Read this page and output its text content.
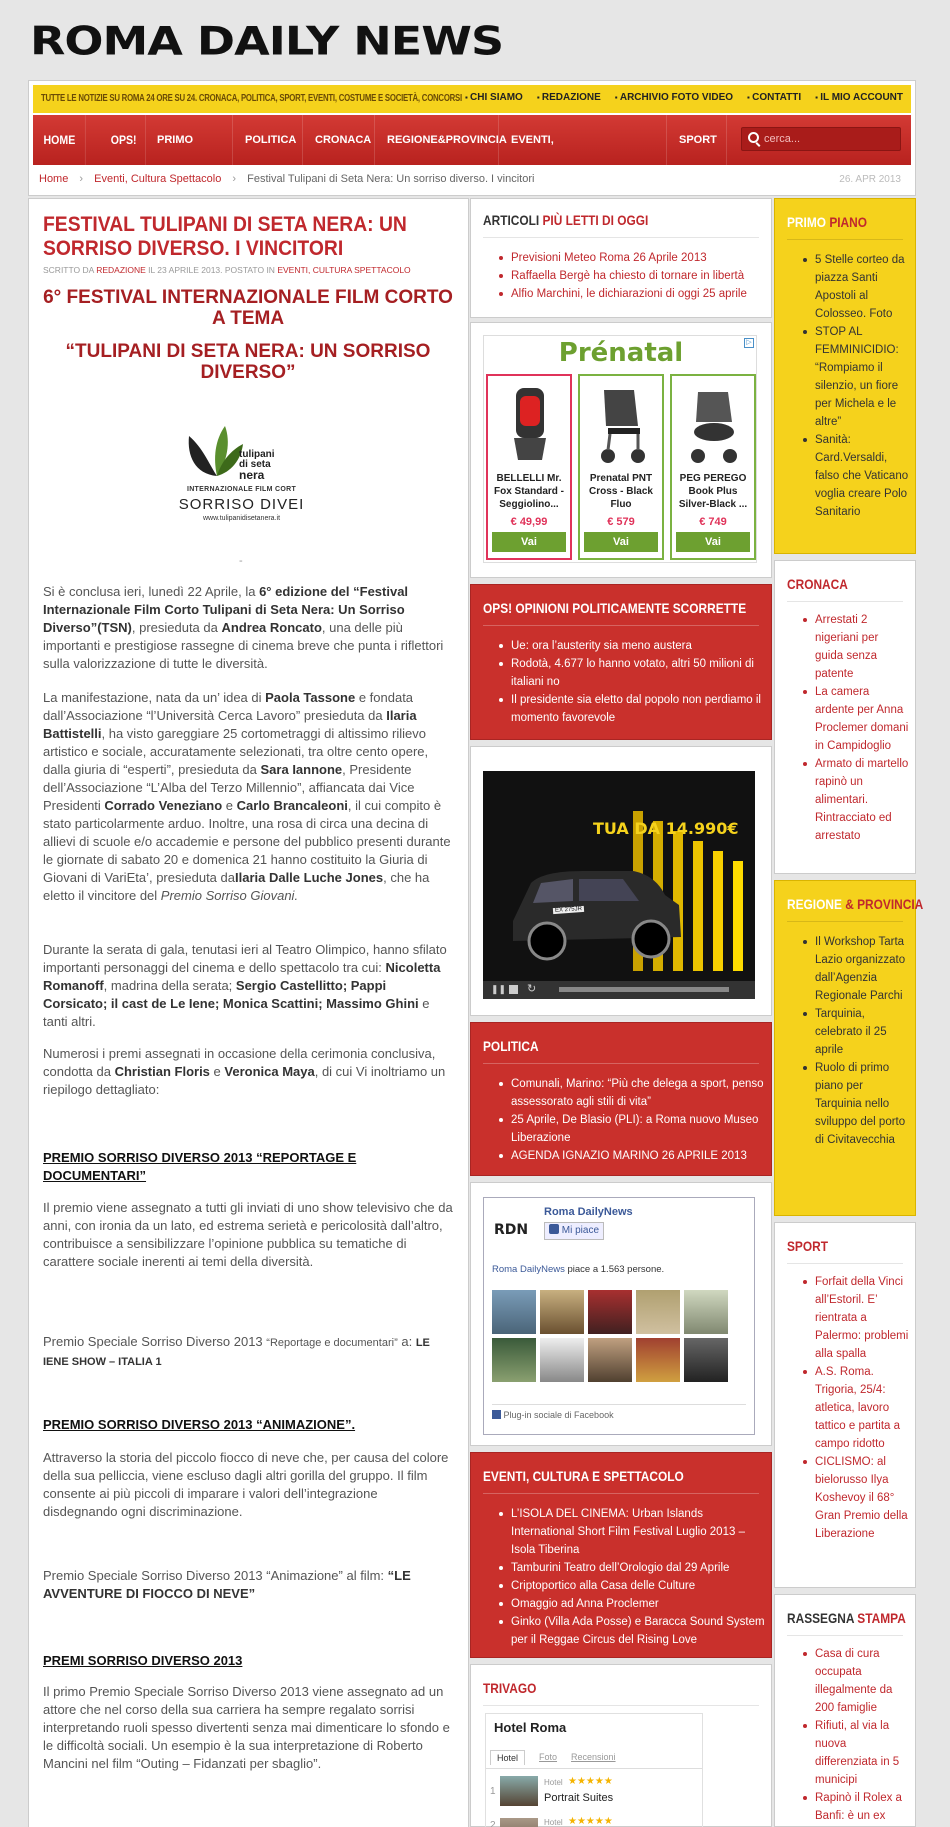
ROMA DAILY NEWS
TUTTE LE NOTIZIE SU ROMA 24 ORE SU 24. CRONACA, POLITICA, SPORT, EVENTI, COSTUME E SOCIETÀ, CONCORSI ▪ CHI SIAMO	▪ REDAZIONE	▪ ARCHIVIO FOTO VIDEO	▪ CONTATTI	▪ IL MIO ACCOUNT
HOME	OPS!	PRIMO PIANO
POLITICA	CRONACA	REGIONE&PROVINCIA EVENTI, CULTURA&SPETTACOLO
SPORT	cerca...
Home › Eventi, Cultura Spettacolo › Festival Tulipani di Seta Nera: Un sorriso diverso. I vincitori	26. APR 2013
FESTIVAL TULIPANI DI SETA NERA: UN SORRISO DIVERSO. I VINCITORI
SCRITTO DA REDAZIONE IL 23 APRILE 2013. POSTATO IN EVENTI, CULTURA SPETTACOLO
6° FESTIVAL INTERNAZIONALE FILM CORTO A TEMA
“TULIPANI DI SETA NERA: UN SORRISO DIVERSO”
tulipani
di seta
nera
INTERNAZIONALE FILM CORT
SORRISO DIVEI
www.tulipanidisetanera.it
-
Si è conclusa ieri, lunedì 22 Aprile, la 6° edizione del “Festival Internazionale Film Corto Tulipani di Seta Nera: Un Sorriso Diverso”(TSN), presieduta da Andrea Roncato, una delle più importanti e prestigiose rassegne di cinema breve che punta i riflettori sulla valorizzazione di tutte le diversità.
La manifestazione, nata da un’ idea di Paola Tassone e fondata dall’Associazione “l’Università Cerca Lavoro” presieduta da Ilaria Battistelli, ha visto gareggiare 25 cortometraggi di altissimo rilievo artistico e sociale, accuratamente selezionati, tra oltre cento opere, dalla giuria di “esperti”, presieduta da Sara Iannone, Presidente dell’Associazione “L’Alba del Terzo Millennio”, affiancata dai Vice Presidenti Corrado Veneziano e Carlo Brancaleoni, il cui compito è stato particolarmente arduo. Inoltre, una rosa di circa una decina di allievi di scuole e/o accademie e persone del pubblico presenti durante le giornate di sabato 20 e domenica 21 hanno costituito la Giuria di Giovani di VariEta’, presieduta daIlaria Dalle Luche Jones, che ha eletto il vincitore del Premio Sorriso Giovani.
Durante la serata di gala, tenutasi ieri al Teatro Olimpico, hanno sfilato importanti personaggi del cinema e dello spettacolo tra cui: Nicoletta Romanoff, madrina della serata; Sergio Castellitto; Pappi Corsicato; il cast de Le Iene; Monica Scattini; Massimo Ghini e tanti altri.
Numerosi i premi assegnati in occasione della cerimonia conclusiva, condotta da Christian Floris e Veronica Maya, di cui Vi inoltriamo un riepilogo dettagliato:
PREMIO SORRISO DIVERSO 2013 “REPORTAGE E DOCUMENTARI”
Il premio viene assegnato a tutti gli inviati di uno show televisivo che da anni, con ironia da un lato, ed estrema serietà e pericolosità dall’altro, contribuisce a sensibilizzare l’opinione pubblica su tematiche di carattere sociale inerenti ai temi della diversità.
Premio Speciale Sorriso Diverso 2013 “Reportage e documentari” a: LE IENE SHOW – ITALIA 1
PREMIO SORRISO DIVERSO 2013 “ANIMAZIONE”.
Attraverso la storia del piccolo fiocco di neve che, per causa del colore della sua pelliccia, viene escluso dagli altri gorilla del gruppo. Il film consente ai più piccoli di imparare i valori dell’integrazione disdegnando ogni discriminazione.
Premio Speciale Sorriso Diverso 2013 “Animazione” al film: “LE AVVENTURE DI FIOCCO DI NEVE”
PREMI SORRISO DIVERSO 2013
Il primo Premio Speciale Sorriso Diverso 2013 viene assegnato ad un attore che nel corso della sua carriera ha sempre regalato sorrisi interpretando ruoli spesso divertenti senza mai dimenticare lo sfondo e le difficoltà sociali. Un esempio è la sua interpretazione di Roberto Mancini nel film “Outing – Fidanzati per sbaglio”.
ARTICOLI PIÙ LETTI DI OGGI
Previsioni Meteo Roma 26 Aprile 2013
Raffaella Bergè ha chiesto di tornare in libertà
Alfio Marchini, le dichiarazioni di oggi 25 aprile
Prénatal	▷
BELLELLI Mr. Fox Standard - Seggiolino...
€ 49,99
Vai
Prenatal PNT Cross - Black Fluo
€ 579
Vai
PEG PEREGO Book Plus Silver-Black ...
€ 749
Vai
OPS! OPINIONI POLITICAMENTE SCORRETTE
Ue: ora l’austerity sia meno austera
Rodotà, 4.677 lo hanno votato, altri 50 milioni di italiani no
Il presidente sia eletto dal popolo non perdiamo il momento favorevole
TUA DA 14.990€
EX 275JR
❚❚ ↻
POLITICA
Comunali, Marino: “Più che delega a sport, penso assessorato agli stili di vita”
25 Aprile, De Blasio (PLI): a Roma nuovo Museo Liberazione
AGENDA IGNAZIO MARINO 26 APRILE 2013
RDN
Roma DailyNews
Mi piace
Roma DailyNews piace a 1.563 persone.
Plug-in sociale di Facebook
EVENTI, CULTURA E SPETTACOLO
L’ISOLA DEL CINEMA: Urban Islands International Short Film Festival Luglio 2013 – Isola Tiberina
Tamburini Teatro dell’Orologio dal 29 Aprile
Criptoportico alla Casa delle Culture
Omaggio ad Anna Proclemer
Ginko (Villa Ada Posse) e Baracca Sound System per il Reggae Circus del Rising Love
TRIVAGO
Hotel Roma
Hotel	Foto Recensioni
1
Hotel ★★★★★
Portrait Suites
2	Hotel ★★★★★
PRIMO PIANO
5 Stelle corteo da piazza Santi Apostoli al Colosseo. Foto
STOP AL FEMMINICIDIO: “Rompiamo il silenzio, un fiore per Michela e le altre”
Sanità: Card.Versaldi, falso che Vaticano voglia creare Polo Sanitario
CRONACA
Arrestati 2 nigeriani per guida senza patente
La camera ardente per Anna Proclemer domani in Campidoglio
Armato di martello rapinò un alimentari. Rintracciato ed arrestato
REGIONE & PROVINCIA
Il Workshop Tarta Lazio organizzato dall’Agenzia Regionale Parchi
Tarquinia, celebrato il 25 aprile
Ruolo di primo piano per Tarquinia nello sviluppo del porto di Civitavecchia
SPORT
Forfait della Vinci all’Estoril. E’ rientrata a Palermo: problemi alla spalla
A.S. Roma. Trigoria, 25/4: atletica, lavoro tattico e partita a campo ridotto
CICLISMO: al bielorusso Ilya Koshevoy il 68° Gran Premio della Liberazione
RASSEGNA STAMPA
Casa di cura occupata illegalmente da 200 famiglie
Rifiuti, al via la nuova differenziata in 5 municipi
Rapinò il Rolex a Banfi: è un ex
